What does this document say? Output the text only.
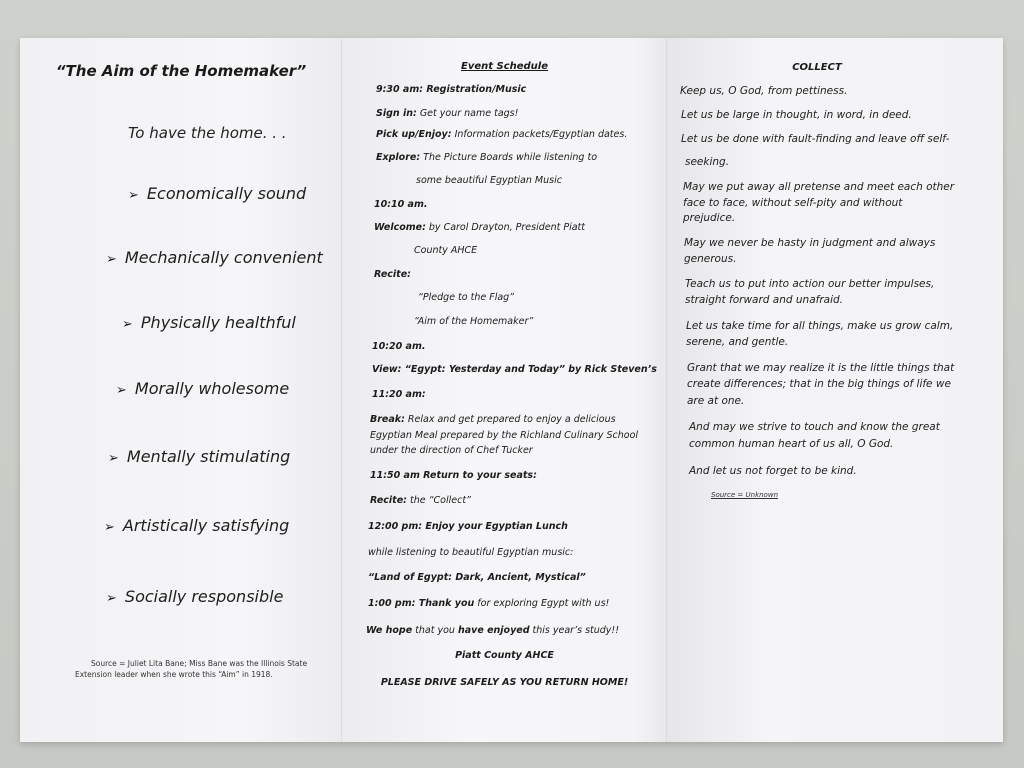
“The Aim of the Homemaker”
To have the home. . .
➢ Economically sound
➢ Mechanically convenient
➢ Physically healthful
➢ Morally wholesome
➢ Mentally stimulating
➢ Artistically satisfying
➢ Socially responsible
Source = Juliet Lita Bane; Miss Bane was the Illinois State
Extension leader when she wrote this “Aim” in 1918.
Event Schedule
9:30 am: Registration/Music
Sign in: Get your name tags!
Pick up/Enjoy: Information packets/Egyptian dates.
Explore: The Picture Boards while listening to
some beautiful Egyptian Music
10:10 am.
Welcome: by Carol Drayton, President Piatt
County AHCE
Recite:
“Pledge to the Flag”
“Aim of the Homemaker”
10:20 am.
View: “Egypt: Yesterday and Today” by Rick Steven’s
11:20 am:
Break: Relax and get prepared to enjoy a delicious
Egyptian Meal prepared by the Richland Culinary School
under the direction of Chef Tucker
11:50 am Return to your seats:
Recite: the “Collect”
12:00 pm: Enjoy your Egyptian Lunch
while listening to beautiful Egyptian music:
“Land of Egypt: Dark, Ancient, Mystical”
1:00 pm: Thank you for exploring Egypt with us!
We hope that you have enjoyed this year’s study!!
Piatt County AHCE
PLEASE DRIVE SAFELY AS YOU RETURN HOME!
COLLECT
Keep us, O God, from pettiness.
Let us be large in thought, in word, in deed.
Let us be done with fault-finding and leave off self-
seeking.
May we put away all pretense and meet each other
face to face, without self-pity and without
prejudice.
May we never be hasty in judgment and always
generous.
Teach us to put into action our better impulses,
straight forward and unafraid.
Let us take time for all things, make us grow calm,
serene, and gentle.
Grant that we may realize it is the little things that
create differences; that in the big things of life we
are at one.
And may we strive to touch and know the great
common human heart of us all, O God.
And let us not forget to be kind.
Source = Unknown
